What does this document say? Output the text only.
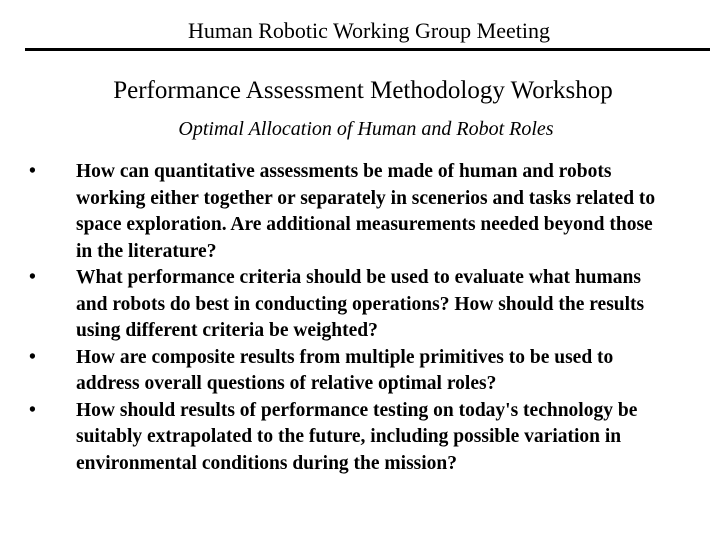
Human Robotic Working Group Meeting
Performance Assessment Methodology Workshop
Optimal Allocation of Human and Robot Roles
•	How can quantitative assessments be made of human and robots working either together or separately in scenerios and tasks related to space exploration. Are additional measurements needed beyond those in the literature?
•	What performance criteria should be used to evaluate what humans and robots do best in conducting operations? How should the results using different criteria be weighted?
•	How are composite results from multiple primitives to be used to address overall questions of relative optimal roles?
•	How should results of performance testing on today's technology be suitably extrapolated to the future, including possible variation in environmental conditions during the mission?
